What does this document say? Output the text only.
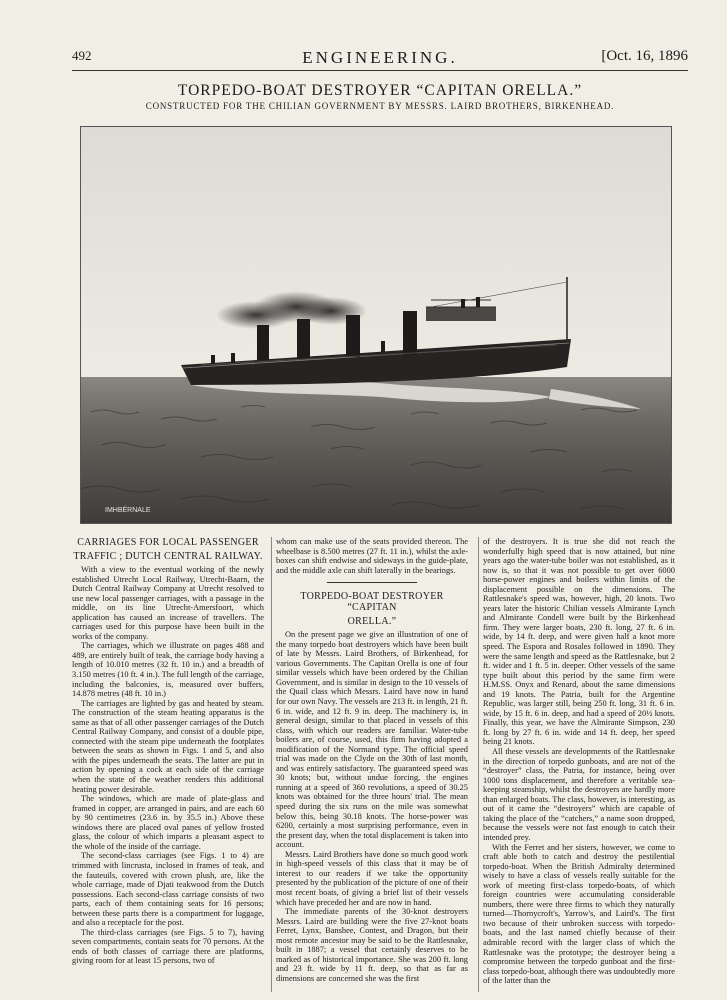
492	ENGINEERING.	[Oct. 16, 1896
TORPEDO-BOAT DESTROYER “CAPITAN ORELLA.”
CONSTRUCTED FOR THE CHILIAN GOVERNMENT BY MESSRS. LAIRD BROTHERS, BIRKENHEAD.
IMHBÉRNALE
CARRIAGES FOR LOCAL PASSENGER
TRAFFIC ; DUTCH CENTRAL RAILWAY.

With a view to the eventual working of the newly established Utrecht Local Railway, Utrecht-Baarn, the Dutch Central Railway Company at Utrecht resolved to use new local passenger carriages, with a passage in the middle, on its line Utrecht-Amersfoort, which application has caused an increase of travellers. The carriages used for this purpose have been built in the works of the company.

The carriages, which we illustrate on pages 488 and 489, are entirely built of teak, the carriage body having a length of 10.010 metres (32 ft. 10 in.) and a breadth of 3.150 metres (10 ft. 4 in.). The full length of the carriage, including the balconies, is, measured over buffers, 14.878 metres (48 ft. 10 in.)

The carriages are lighted by gas and heated by steam. The construction of the steam heating apparatus is the same as that of all other passenger carriages of the Dutch Central Railway Company, and consist of a double pipe, connected with the steam pipe underneath the footplates between the seats as shown in Figs. 1 and 5, and also with the pipes underneath the seats. The latter are put in action by opening a cock at each side of the carriage when the state of the weather renders this additional heating power desirable.

The windows, which are made of plate-glass and framed in copper, are arranged in pairs, and are each 60 by 90 centimetres (23.6 in. by 35.5 in.) Above these windows there are placed oval panes of yellow frosted glass, the colour of which imparts a pleasant aspect to the whole of the inside of the carriage.

The second-class carriages (see Figs. 1 to 4) are trimmed with lincrusta, inclosed in frames of teak, and the fauteuils, covered with crown plush, are, like the whole carriage, made of Djati teakwood from the Dutch possessions. Each second-class carriage consists of two parts, each of them containing seats for 16 persons; between these parts there is a compartment for luggage, and also a receptacle for the post.

The third-class carriages (see Figs. 5 to 7), having seven compartments, contain seats for 70 persons. At the ends of both classes of carriage there are platforms, giving room for at least 15 persons, two of

whom can make use of the seats provided thereon. The wheelbase is 8.500 metres (27 ft. 11 in.), whilst the axle-boxes can shift endwise and sideways in the guide-plate, and the middle axle can shift laterally in the bearings.

TORPEDO-BOAT DESTROYER “CAPITAN
ORELLA.”

On the present page we give an illustration of one of the many torpedo boat destroyers which have been built of late by Messrs. Laird Brothers, of Birkenhead, for various Governments. The Capitan Orella is one of four similar vessels which have been ordered by the Chilian Government, and is similar in design to the 10 vessels of the Quail class which Messrs. Laird have now in hand for our own Navy. The vessels are 213 ft. in length, 21 ft. 6 in. wide, and 12 ft. 9 in. deep. The machinery is, in general design, similar to that placed in vessels of this class, with which our readers are familiar. Water-tube boilers are, of course, used, this firm having adopted a modification of the Normand type. The official speed trial was made on the Clyde on the 30th of last month, and was entirely satisfactory. The guaranteed speed was 30 knots; but, without undue forcing, the engines running at a speed of 360 revolutions, a speed of 30.25 knots was obtained for the three hours' trial. The mean speed during the six runs on the mile was somewhat below this, being 30.18 knots. The horse-power was 6200, certainly a most surprising performance, even in the present day, when the total displacement is taken into account.

Messrs. Laird Brothers have done so much good work in high-speed vessels of this class that it may be of interest to our readers if we take the opportunity presented by the publication of the picture of one of their most recent boats, of giving a brief list of their vessels which have preceded her and are now in hand.

The immediate parents of the 30-knot destroyers Messrs. Laird are building were the five 27-knot boats Ferret, Lynx, Banshee, Contest, and Dragon, but their most remote ancestor may be said to be the Rattlesnake, built in 1887; a vessel that certainly deserves to be marked as of historical importance. She was 200 ft. long and 23 ft. wide by 11 ft. deep, so that as far as dimensions are concerned she was the first

of the destroyers. It is true she did not reach the wonderfully high speed that is now attained, but nine years ago the water-tube boiler was not established, as it now is, so that it was not possible to get over 6000 horse-power engines and boilers within limits of the displacement possible on the dimensions. The Rattlesnake's speed was, however, high, 20 knots. Two years later the historic Chilian vessels Almirante Lynch and Almirante Condell were built by the Birkenhead firm. They were larger boats, 230 ft. long, 27 ft. 6 in. wide, by 14 ft. deep, and were given half a knot more speed. The Espora and Rosales followed in 1890. They were the same length and speed as the Rattlesnake, but 2 ft. wider and 1 ft. 5 in. deeper. Other vessels of the same type built about this period by the same firm were H.M.SS. Onyx and Renard, about the same dimensions and 19 knots. The Patria, built for the Argentine Republic, was larger still, being 250 ft. long, 31 ft. 6 in. wide, by 15 ft. 6 in. deep, and had a speed of 20½ knots. Finally, this year, we have the Almirante Simpson, 230 ft. long by 27 ft. 6 in. wide and 14 ft. deep, her speed being 21 knots.

All these vessels are developments of the Rattlesnake in the direction of torpedo gunboats, and are not of the “destroyer” class, the Patria, for instance, being over 1000 tons displacement, and therefore a veritable sea-keeping steamship, whilst the destroyers are hardly more than enlarged boats. The class, however, is interesting, as out of it came the “destroyers” which are capable of taking the place of the “catchers,” a name soon dropped, because the vessels were not fast enough to catch their intended prey.

With the Ferret and her sisters, however, we come to craft able both to catch and destroy the pestilential torpedo-boat. When the British Admiralty determined wisely to have a class of vessels really suitable for the work of meeting first-class torpedo-boats, of which foreign countries were accumulating considerable numbers, there were three firms to which they naturally turned—Thornycroft's, Yarrow's, and Laird's. The first two because of their unbroken success with torpedo-boats, and the last named chiefly because of their admirable record with the larger class of which the Rattlesnake was the prototype; the destroyer being a compromise between the torpedo gunboat and the first-class torpedo-boat, although there was undoubtedly more of the latter than the
